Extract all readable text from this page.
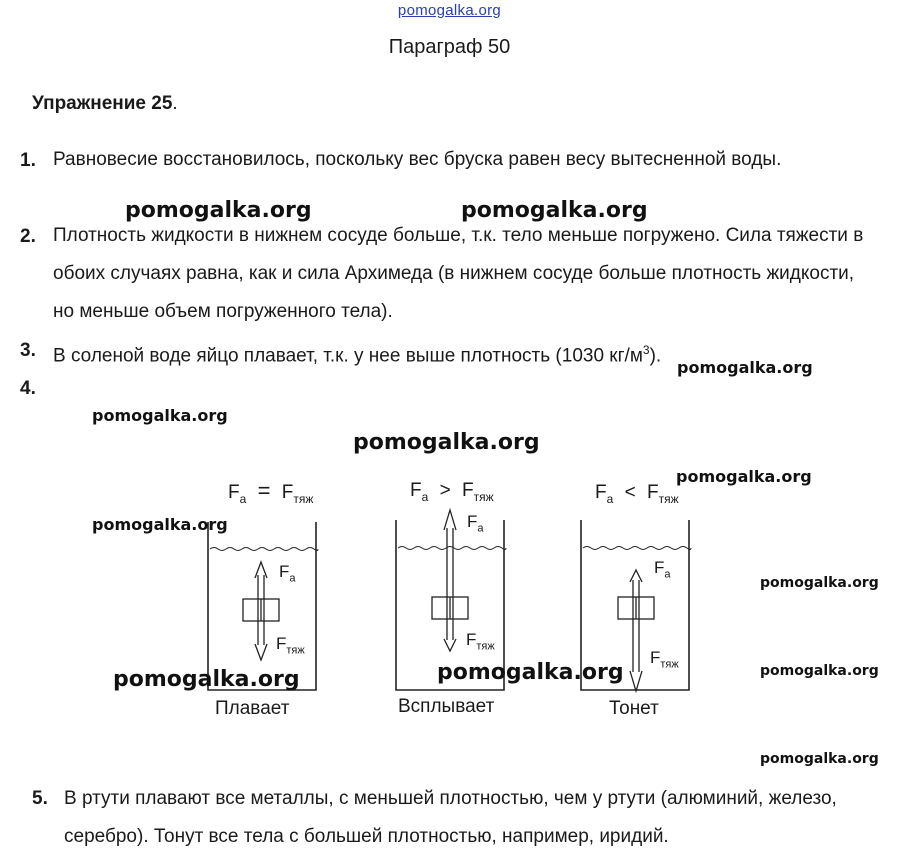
pomogalka.org
Параграф 50
Упражнение 25.
1. Равновесие восстановилось, поскольку вес бруска равен весу вытесненной воды.
2. Плотность жидкости в нижнем сосуде больше, т.к. тело меньше погружено. Сила тяжести в обоих случаях равна, как и сила Архимеда (в нижнем сосуде больше плотность жидкости, но меньше объем погруженного тела).
3. В соленой воде яйцо плавает, т.к. у нее выше плотность (1030 $кг/м^3$).
4.
$F_a = F_{тяж}$	$F_a > F_{тяж}$	$F_a < F_{тяж}$
$F_a$
$F_{тяж}$
$F_a$
$F_{тяж}$
$F_a$
$F_{тяж}$
Плавает	Всплывает	Тонет
5. В ртути плавают все металлы, с меньшей плотностью, чем у ртути (алюминий, железо, серебро). Тонут все тела с большей плотностью, например, иридий.
pomogalka.org	pomogalka.org
pomogalka.org
pomogalka.org
pomogalka.org
pomogalka.org
pomogalka.org
pomogalka.org
pomogalka.org
pomogalka.org
pomogalka.org
pomogalka.org
